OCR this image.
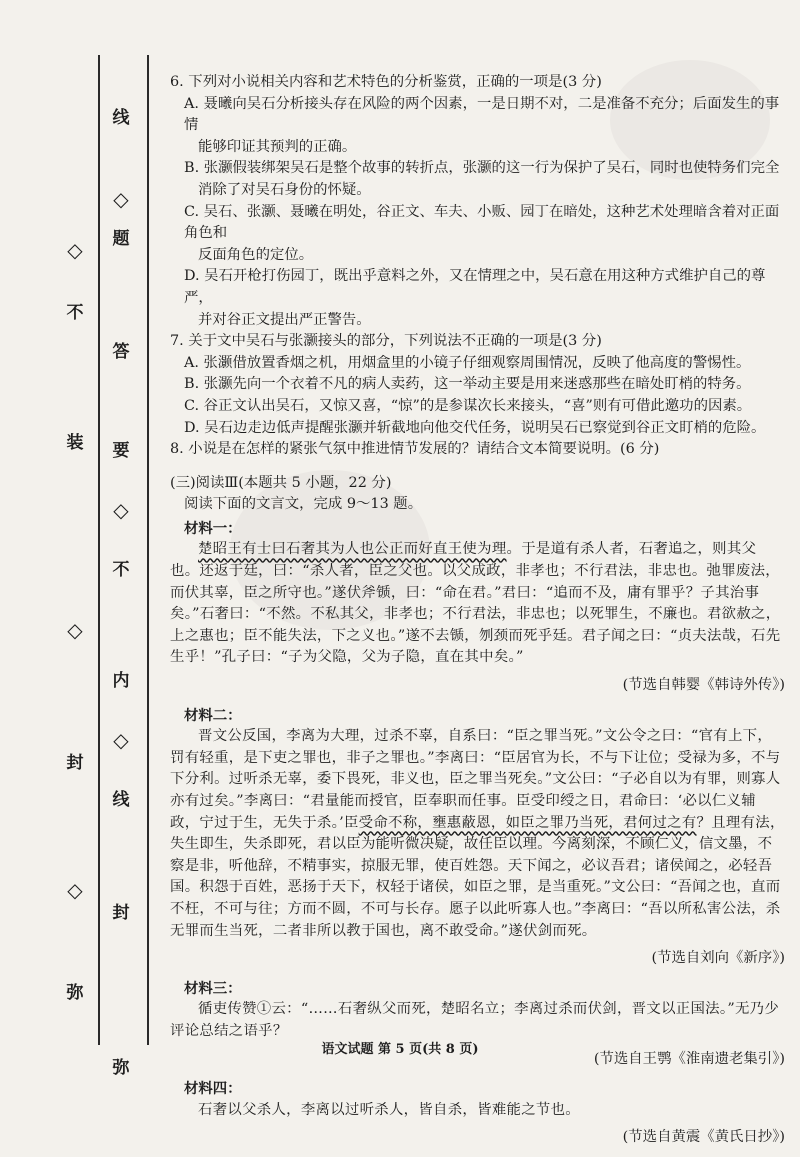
线
◇
题
答
要
◇
不
内
◇
线
封
弥
不
装
◇
◇
封
◇
弥
6. 下列对小说相关内容和艺术特色的分析鉴赏，正确的一项是(3 分)
A. 聂曦向吴石分析接头存在风险的两个因素，一是日期不对，二是准备不充分；后面发生的事情
能够印证其预判的正确。
B. 张灏假装绑架吴石是整个故事的转折点，张灏的这一行为保护了吴石，同时也使特务们完全
消除了对吴石身份的怀疑。
C. 吴石、张灏、聂曦在明处，谷正文、车夫、小贩、园丁在暗处，这种艺术处理暗含着对正面角色和
反面角色的定位。
D. 吴石开枪打伤园丁，既出乎意料之外，又在情理之中，吴石意在用这种方式维护自己的尊严，
并对谷正文提出严正警告。
7. 关于文中吴石与张灏接头的部分，下列说法不正确的一项是(3 分)
A. 张灏借放置香烟之机，用烟盒里的小镜子仔细观察周围情况，反映了他高度的警惕性。
B. 张灏先向一个衣着不凡的病人卖药，这一举动主要是用来迷惑那些在暗处盯梢的特务。
C. 谷正文认出吴石，又惊又喜，“惊”的是参谋次长来接头，“喜”则有可借此邀功的因素。
D. 吴石边走边低声提醒张灏并斩截地向他交代任务，说明吴石已察觉到谷正文盯梢的危险。
8. 小说是在怎样的紧张气氛中推进情节发展的？请结合文本简要说明。(6 分)
(三)阅读Ⅲ(本题共 5 小题，22 分)
阅读下面的文言文，完成 9～13 题。
材料一：

楚昭王有士曰石奢其为人也公正而好直王使为理。于是道有杀人者，石奢追之，则其父也。还返于廷，曰：“杀人者，臣之父也。以父成政，非孝也；不行君法，非忠也。弛罪废法，而伏其辜，臣之所守也。”遂伏斧锧，曰：“命在君。”君曰：“追而不及，庸有罪乎？子其治事矣。”石奢曰：“不然。不私其父，非孝也；不行君法，非忠也；以死罪生，不廉也。君欲赦之，上之惠也；臣不能失法，下之义也。”遂不去锧，刎颈而死乎廷。君子闻之曰：“贞夫法哉，石先生乎！”孔子曰：“子为父隐，父为子隐，直在其中矣。”

(节选自韩婴《韩诗外传》)
材料二：

晋文公反国，李离为大理，过杀不辜，自系曰：“臣之罪当死。”文公令之曰：“官有上下，罚有轻重，是下吏之罪也，非子之罪也。”李离曰：“臣居官为长，不与下让位；受禄为多，不与下分利。过听杀无辜，委下畏死，非义也，臣之罪当死矣。”文公曰：“子必自以为有罪，则寡人亦有过矣。”李离曰：“君量能而授官，臣奉职而任事。臣受印绶之日，君命曰：‘必以仁义辅政，宁过于生，无失于杀。’臣受命不称，壅惠蔽恩，如臣之罪乃当死，君何过之有？且理有法，失生即生，失杀即死，君以臣为能听微决疑，故任臣以理。今离刻深，不顾仁义，信文墨，不察是非，听他辞，不精事实，掠服无罪，使百姓怨。天下闻之，必议吾君；诸侯闻之，必轻吾国。积怨于百姓，恶扬于天下，权轻于诸侯，如臣之罪，是当重死。”文公曰：“吾闻之也，直而不枉，不可与往；方而不圆，不可与长存。愿子以此听寡人也。”李离曰：“吾以所私害公法，杀无罪而生当死，二者非所以教于国也，离不敢受命。”遂伏剑而死。

(节选自刘向《新序》)
材料三：

循吏传赞①云：“……石奢纵父而死，楚昭名立；李离过杀而伏剑，晋文以正国法。”无乃少评论总结之语乎？

(节选自王鹗《淮南遗老集引》)
材料四：

石奢以父杀人，李离以过听杀人，皆自杀，皆难能之节也。

(节选自黄震《黄氏日抄》)
语文试题 第 5 页(共 8 页)
